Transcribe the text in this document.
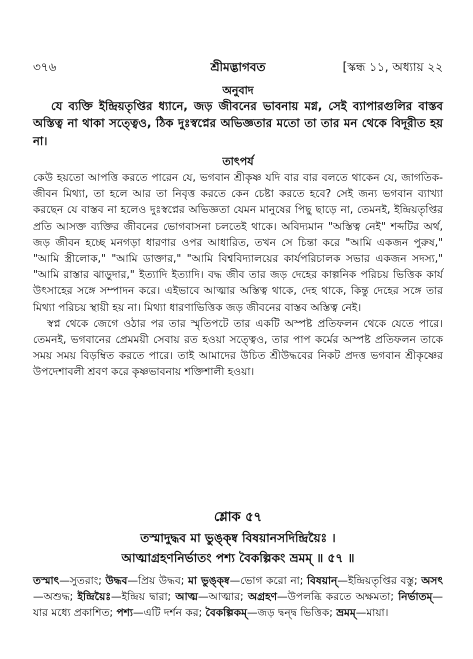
৩৭৬	শ্রীমদ্ভাগবত	[স্কন্ধ ১১, অধ্যায় ২২
অনুবাদ

যে ব্যক্তি ইন্দ্রিয়তৃপ্তির ধ্যানে, জড় জীবনের ভাবনায় মগ্ন, সেই ব্যাপারগুলির বাস্তব অস্তিত্ব না থাকা সত্ত্বেও, ঠিক দুঃস্বপ্নের অভিজ্ঞতার মতো তা তার মন থেকে বিদূরীত হয় না।

তাৎপর্য

কেউ হয়তো আপত্তি করতে পারেন যে, ভগবান শ্রীকৃষ্ণ যদি বার বার বলতে থাকেন যে, জাগতিক-জীবন মিথ্যা, তা হলে আর তা নিবৃত্ত করতে কেন চেষ্টা করতে হবে? সেই জন্য ভগবান ব্যাখ্যা করছেন যে বাস্তব না হলেও দুঃস্বপ্নের অভিজ্ঞতা যেমন মানুষের পিছু ছাড়ে না, তেমনই, ইন্দ্রিয়তৃপ্তির প্রতি আসক্ত ব্যক্তির জীবনের ভোগবাসনা চলতেই থাকে। অবিদ্যমান "অস্তিত্ব নেই" শব্দটির অর্থ, জড় জীবন হচ্ছে মনগড়া ধারণার ওপর আধারিত, তখন সে চিন্তা করে "আমি একজন পুরুষ," "আমি স্ত্রীলোক," "আমি ডাক্তার," "আমি বিশ্ববিদ্যালয়ের কার্যপরিচালক সভার একজন সদস্য," "আমি রাস্তার ঝাড়ুদার," ইত্যাদি ইত্যাদি। বদ্ধ জীব তার জড় দেহের কাল্পনিক পরিচয় ভিত্তিক কার্য উৎসাহের সঙ্গে সম্পাদন করে। এইভাবে আত্মার অস্তিত্ব থাকে, দেহ থাকে, কিন্তু দেহের সঙ্গে তার মিথ্যা পরিচয় স্থায়ী হয় না। মিথ্যা ধারণাভিত্তিক জড় জীবনের বাস্তব অস্তিত্ব নেই।

স্বপ্ন থেকে জেগে ওঠার পর তার স্মৃতিপটে তার একটি অস্পষ্ট প্রতিফলন থেকে যেতে পারে। তেমনই, ভগবানের প্রেমময়ী সেবায় রত হওয়া সত্ত্বেও, তার পাপ কর্মের অস্পষ্ট প্রতিফলন তাকে সময় সময় বিড়ম্বিত করতে পারে। তাই আমাদের উচিত শ্রীউদ্ধবের নিকট প্রদত্ত ভগবান শ্রীকৃষ্ণের উপদেশাবলী শ্রবণ করে কৃষ্ণভাবনায় শক্তিশালী হওয়া।

শ্লোক ৫৭
তস্মাদুদ্ধব মা ভুঙ্ক্ষ্ব বিষয়ানসদিন্দ্রিয়ৈঃ ।
আত্মাগ্রহণনির্ভাতং পশ্য বৈকল্পিকং ভ্রমম্ ॥ ৫৭ ॥

তস্মাৎ—সুতরাং; উদ্ধব—প্রিয় উদ্ধব; মা ভুঙ্ক্ষ্ব—ভোগ করো না; বিষয়ান্—ইন্দ্রিয়তৃপ্তির বস্তু; অসৎ—অশুদ্ধ; ইন্দ্রিয়ৈঃ—ইন্দ্রিয় দ্বারা; আত্ম—আত্মার; অগ্রহণ—উপলব্ধি করতে অক্ষমতা; নির্ভাতম্—যার মধ্যে প্রকাশিত; পশ্য—এটি দর্শন কর; বৈকল্পিকম্—জড় দ্বন্দ্ব ভিত্তিক; ভ্রমম্—মায়া।
